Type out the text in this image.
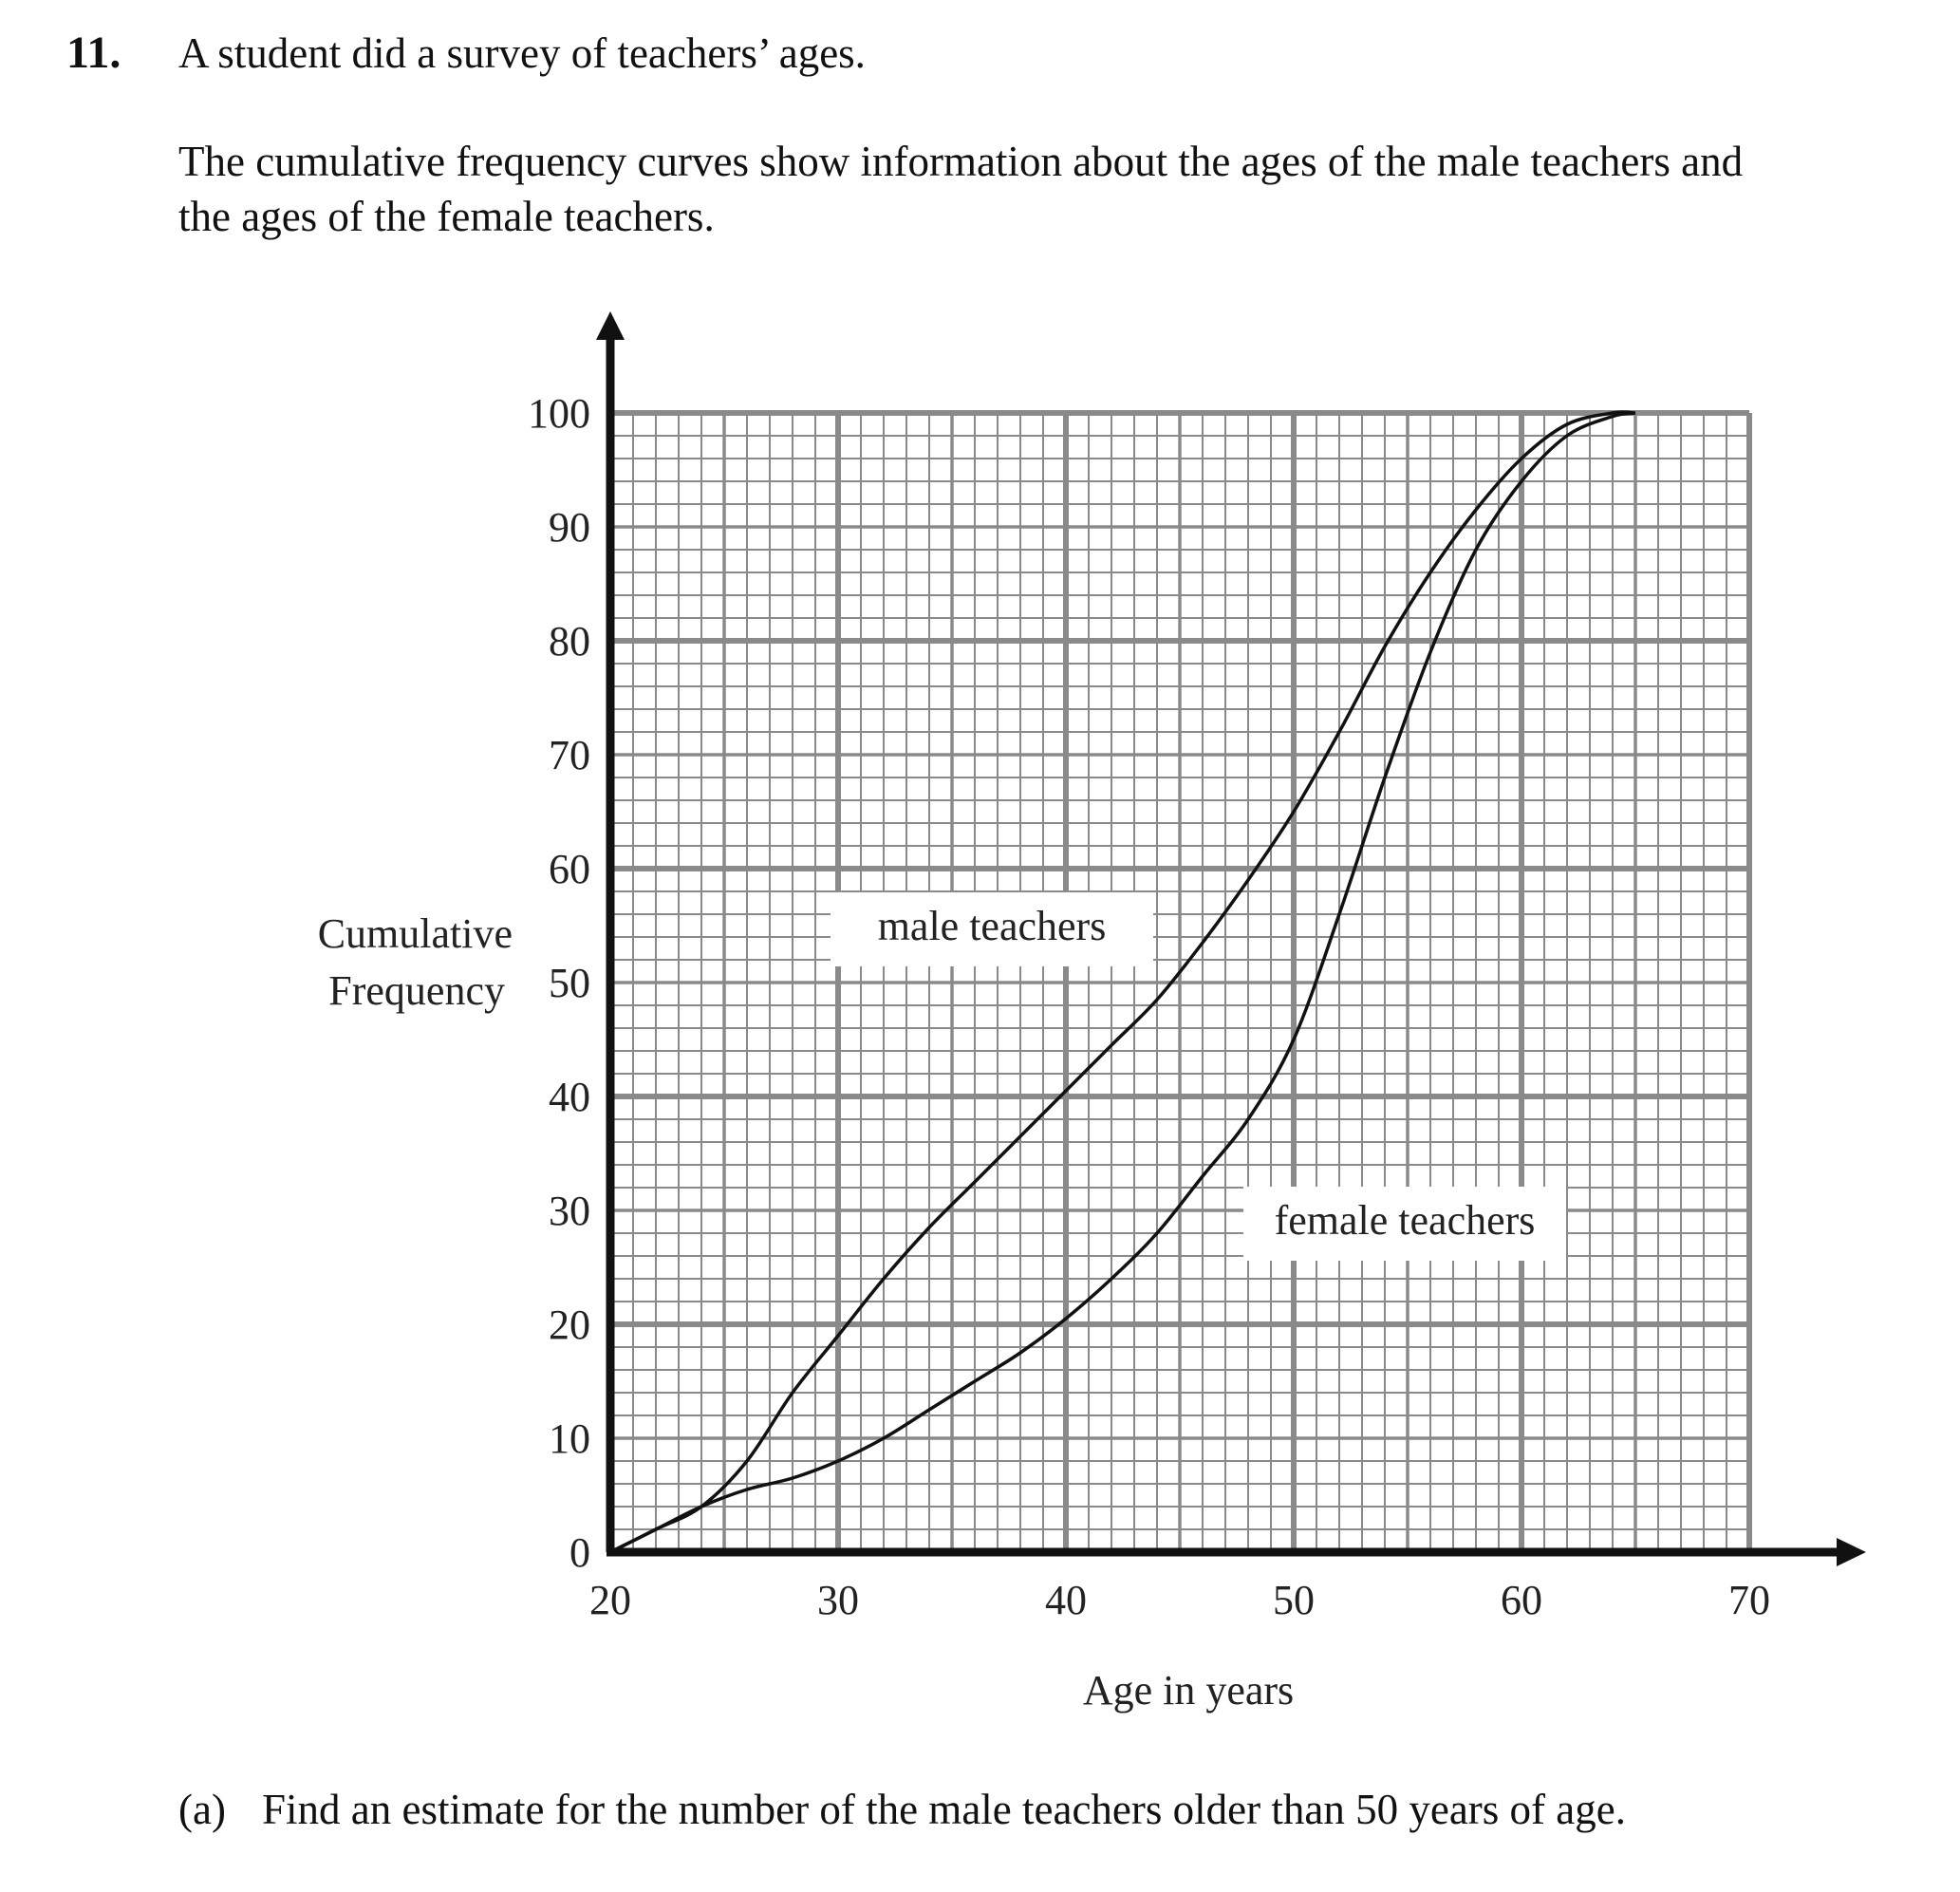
11. A student did a survey of teachers’ ages.
The cumulative frequency curves show information about the ages of the male teachers and
the ages of the female teachers.
20	30	40	50	60	70
0
10
20
30
40
50
60
70
80
90
100
male teachers
female teachers
Cumulative
Frequency
Age in years
(a) Find an estimate for the number of the male teachers older than 50 years of age.
